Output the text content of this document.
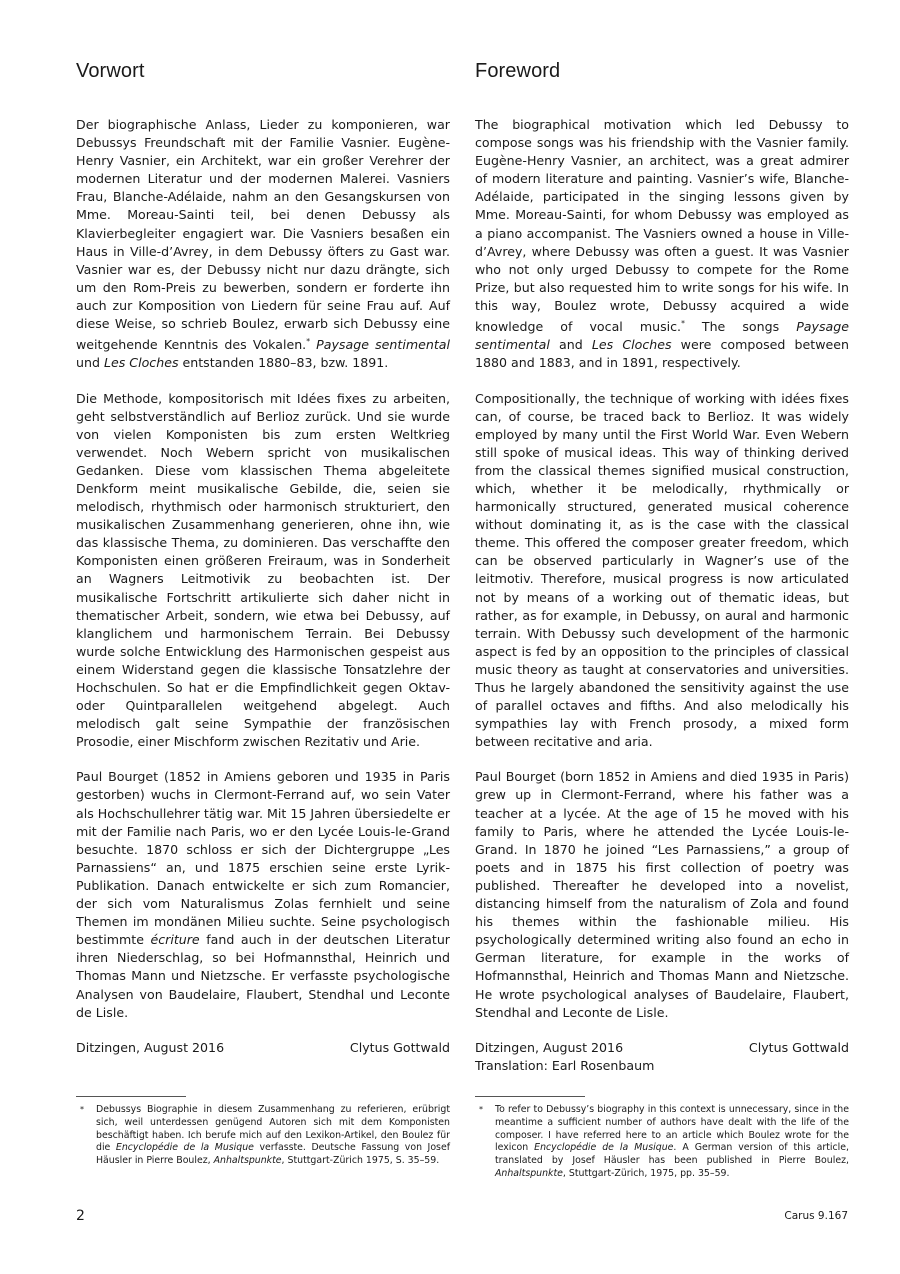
Vorwort

Der biographische Anlass, Lieder zu komponieren, war Debussys Freundschaft mit der Familie Vasnier. Eugène-Henry Vasnier, ein Architekt, war ein großer Verehrer der modernen Literatur und der modernen Malerei. Vasniers Frau, Blanche-Adélaide, nahm an den Gesangskursen von Mme. Moreau-Sainti teil, bei denen Debussy als Klavierbegleiter engagiert war. Die Vasniers besaßen ein Haus in Ville-d’Avrey, in dem Debussy öfters zu Gast war. Vasnier war es, der Debussy nicht nur dazu drängte, sich um den Rom-Preis zu bewerben, sondern er forderte ihn auch zur Komposition von Liedern für seine Frau auf. Auf diese Weise, so schrieb Boulez, erwarb sich Debussy eine weitgehende Kenntnis des Vokalen.* Paysage sentimental und Les Cloches entstanden 1880–83, bzw. 1891.

Die Methode, kompositorisch mit Idées fixes zu arbeiten, geht selbstverständlich auf Berlioz zurück. Und sie wurde von vielen Komponisten bis zum ersten Weltkrieg verwendet. Noch Webern spricht von musikalischen Gedanken. Diese vom klassischen Thema abgeleitete Denkform meint musikalische Gebilde, die, seien sie melodisch, rhythmisch oder harmonisch strukturiert, den musikalischen Zusammenhang generieren, ohne ihn, wie das klassische Thema, zu dominieren. Das verschaffte den Komponisten einen größeren Freiraum, was in Sonderheit an Wagners Leitmotivik zu beobachten ist. Der musikalische Fortschritt artikulierte sich daher nicht in thematischer Arbeit, sondern, wie etwa bei Debussy, auf klanglichem und harmonischem Terrain. Bei Debussy wurde solche Entwicklung des Harmonischen gespeist aus einem Widerstand gegen die klassische Tonsatzlehre der Hochschulen. So hat er die Empfindlichkeit gegen Oktav- oder Quintparallelen weitgehend abgelegt. Auch melodisch galt seine Sympathie der französischen Prosodie, einer Mischform zwischen Rezitativ und Arie.

Paul Bourget (1852 in Amiens geboren und 1935 in Paris gestorben) wuchs in Clermont-Ferrand auf, wo sein Vater als Hochschullehrer tätig war. Mit 15 Jahren übersiedelte er mit der Familie nach Paris, wo er den Lycée Louis-le-Grand besuchte. 1870 schloss er sich der Dichtergruppe „Les Parnassiens“ an, und 1875 erschien seine erste Lyrik-Publikation. Danach entwickelte er sich zum Romancier, der sich vom Naturalismus Zolas fernhielt und seine Themen im mondänen Milieu suchte. Seine psychologisch bestimmte écriture fand auch in der deutschen Literatur ihren Niederschlag, so bei Hofmannsthal, Heinrich und Thomas Mann und Nietzsche. Er verfasste psychologische Analysen von Baudelaire, Flaubert, Stendhal und Leconte de Lisle.

Ditzingen, August 2016	Clytus Gottwald
Foreword

The biographical motivation which led Debussy to compose songs was his friendship with the Vasnier family. Eugène-Henry Vasnier, an architect, was a great admirer of modern literature and painting. Vasnier’s wife, Blanche-Adélaide, participated in the singing lessons given by Mme. Moreau-Sainti, for whom Debussy was employed as a piano accompanist. The Vasniers owned a house in Ville-d’Avrey, where Debussy was often a guest. It was Vasnier who not only urged Debussy to compete for the Rome Prize, but also requested him to write songs for his wife. In this way, Boulez wrote, Debussy acquired a wide knowledge of vocal music.* The songs Paysage sentimental and Les Cloches were composed between 1880 and 1883, and in 1891, respectively.

Compositionally, the technique of working with idées fixes can, of course, be traced back to Berlioz. It was widely employed by many until the First World War. Even Webern still spoke of musical ideas. This way of thinking derived from the classical themes signified musical construction, which, whether it be melodically, rhythmically or harmonically structured, generated musical coherence without dominating it, as is the case with the classical theme. This offered the composer greater freedom, which can be observed particularly in Wagner’s use of the leitmotiv. Therefore, musical progress is now articulated not by means of a working out of thematic ideas, but rather, as for example, in Debussy, on aural and harmonic terrain. With Debussy such development of the harmonic aspect is fed by an opposition to the principles of classical music theory as taught at conservatories and universities. Thus he largely abandoned the sensitivity against the use of parallel octaves and fifths. And also melodically his sympathies lay with French prosody, a mixed form between recitative and aria.

Paul Bourget (born 1852 in Amiens and died 1935 in Paris) grew up in Clermont-Ferrand, where his father was a teacher at a lycée. At the age of 15 he moved with his family to Paris, where he attended the Lycée Louis-le-Grand. In 1870 he joined “Les Parnassiens,” a group of poets and in 1875 his first collection of poetry was published. Thereafter he developed into a novelist, distancing himself from the naturalism of Zola and found his themes within the fashionable milieu. His psychologically determined writing also found an echo in German literature, for example in the works of Hofmannsthal, Heinrich and Thomas Mann and Nietzsche. He wrote psychological analyses of Baudelaire, Flaubert, Stendhal and Leconte de Lisle.

Ditzingen, August 2016	Clytus Gottwald
Translation: Earl Rosenbaum
*	Debussys Biographie in diesem Zusammenhang zu referieren, erübrigt sich, weil unterdessen genügend Autoren sich mit dem Komponisten beschäftigt haben. Ich berufe mich auf den Lexikon-Artikel, den Boulez für die Encyclopédie de la Musique verfasste. Deutsche Fassung von Josef Häusler in Pierre Boulez, Anhaltspunkte, Stuttgart-Zürich 1975, S. 35–59.
*	To refer to Debussy’s biography in this context is unnecessary, since in the meantime a sufficient number of authors have dealt with the life of the composer. I have referred here to an article which Boulez wrote for the lexicon Encyclopédie de la Musique. A German version of this article, translated by Josef Häusler has been published in Pierre Boulez, Anhaltspunkte, Stuttgart-Zürich, 1975, pp. 35–59.
2	Carus 9.167
